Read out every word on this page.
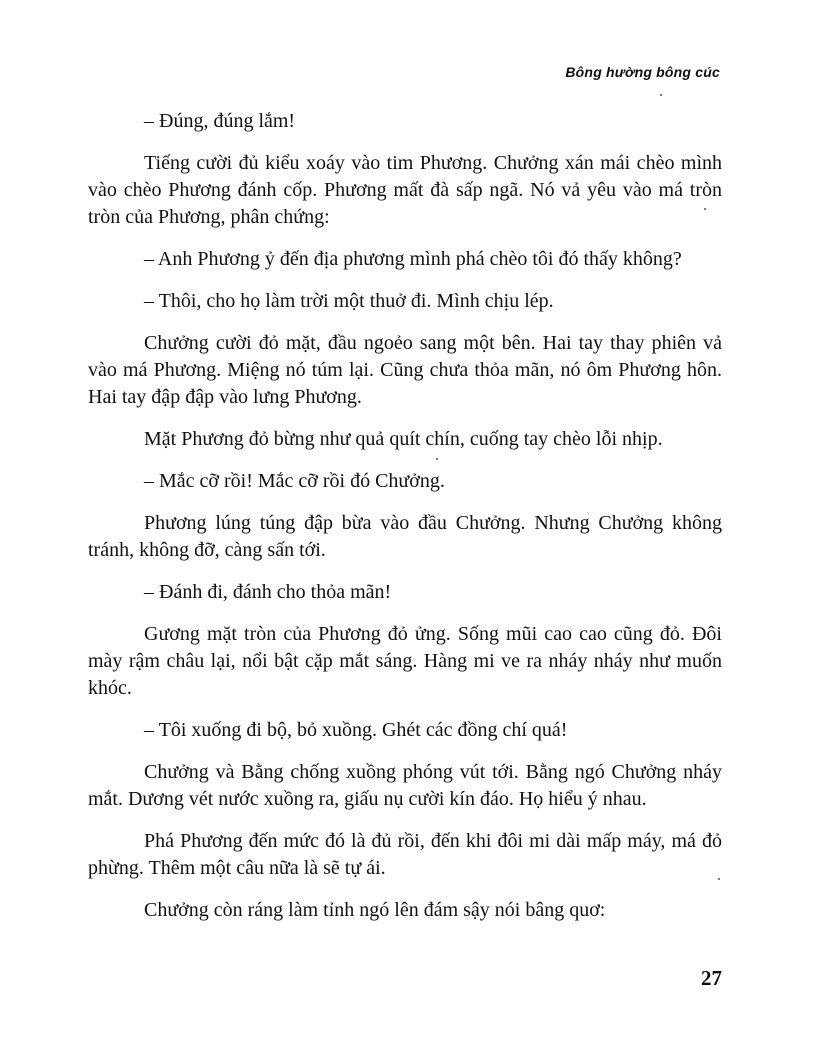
Bông hường bông cúc

– Đúng, đúng lắm!

Tiếng cười đủ kiểu xoáy vào tim Phương. Chưởng xán mái chèo mình vào chèo Phương đánh cốp. Phương mất đà sấp ngã. Nó vả yêu vào má tròn tròn của Phương, phân chứng:

– Anh Phương ỷ đến địa phương mình phá chèo tôi đó thấy không?

– Thôi, cho họ làm trời một thuở đi. Mình chịu lép.

Chưởng cười đỏ mặt, đầu ngoẻo sang một bên. Hai tay thay phiên vả vào má Phương. Miệng nó túm lại. Cũng chưa thỏa mãn, nó ôm Phương hôn. Hai tay đập đập vào lưng Phương.

Mặt Phương đỏ bừng như quả quít chín, cuống tay chèo lỗi nhịp.

– Mắc cỡ rồi! Mắc cỡ rồi đó Chưởng.

Phương lúng túng đập bừa vào đầu Chưởng. Nhưng Chưởng không tránh, không đỡ, càng sấn tới.

– Đánh đi, đánh cho thỏa mãn!

Gương mặt tròn của Phương đỏ ửng. Sống mũi cao cao cũng đỏ. Đôi mày rậm châu lại, nổi bật cặp mắt sáng. Hàng mi ve ra nháy nháy như muốn khóc.

– Tôi xuống đi bộ, bỏ xuồng. Ghét các đồng chí quá!

Chưởng và Bằng chống xuồng phóng vút tới. Bằng ngó Chưởng nháy mắt. Dương vét nước xuồng ra, giấu nụ cười kín đáo. Họ hiểu ý nhau.

Phá Phương đến mức đó là đủ rồi, đến khi đôi mi dài mấp máy, má đỏ phừng. Thêm một câu nữa là sẽ tự ái.

Chưởng còn ráng làm tỉnh ngó lên đám sậy nói bâng quơ:

27
